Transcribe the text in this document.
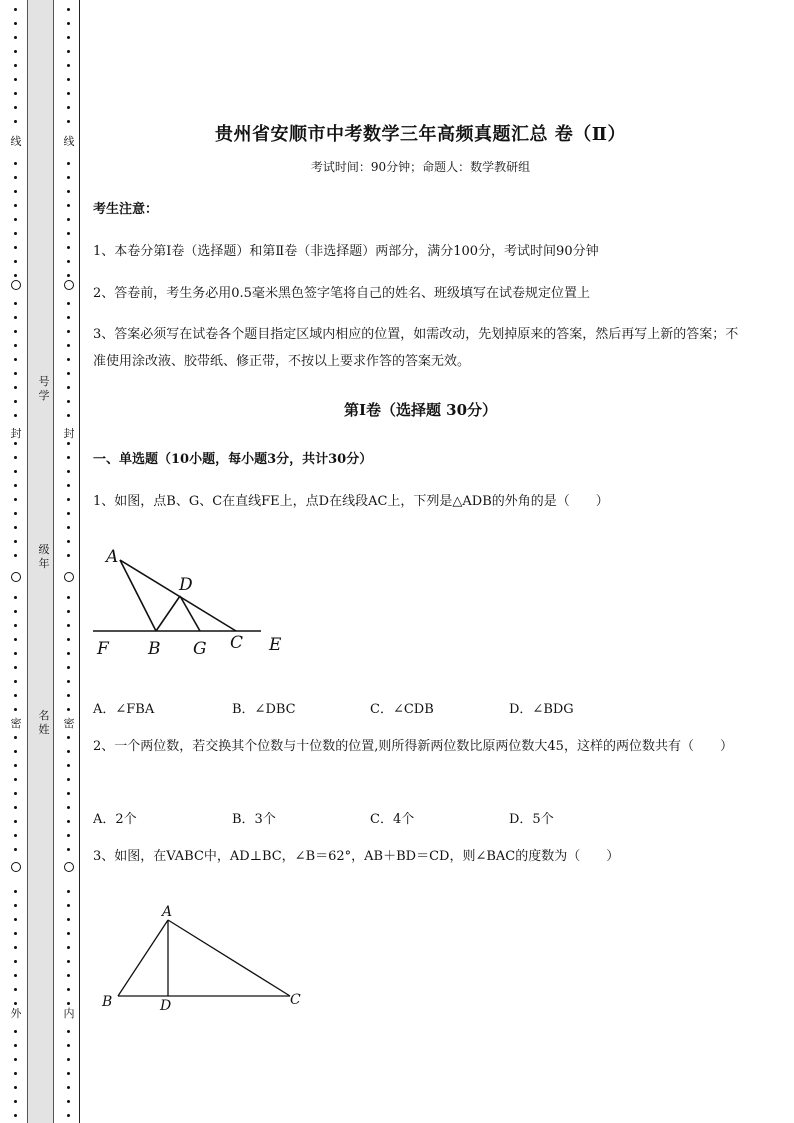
线
封
密
外
号
学
级
年
名
姓
线
封
密
内
贵州省安顺市中考数学三年高频真题汇总 卷（Ⅱ）
考试时间：90分钟；命题人：数学教研组
考生注意：
1、本卷分第I卷（选择题）和第Ⅱ卷（非选择题）两部分，满分100分，考试时间90分钟
2、答卷前，考生务必用0.5毫米黑色签字笔将自己的姓名、班级填写在试卷规定位置上
3、答案必须写在试卷各个题目指定区域内相应的位置，如需改动，先划掉原来的答案，然后再写上新的答案；不准使用涂改液、胶带纸、修正带，不按以上要求作答的答案无效。
第I卷（选择题 30分）
一、单选题（10小题，每小题3分，共计30分）
1、如图，点B、G、C在直线FE上，点D在线段AC上，下列是△ADB的外角的是（　　）
A
D
F B G C E
A．∠FBA	B．∠DBC	C．∠CDB	D．∠BDG
2、一个两位数，若交换其个位数与十位数的位置,则所得新两位数比原两位数大45，这样的两位数共有（　　）
A．2个	B．3个	C．4个	D．5个
3、如图，在VABC中，AD⊥BC，∠B＝62°，AB＋BD＝CD，则∠BAC的度数为（　　）
A
B	D	C
